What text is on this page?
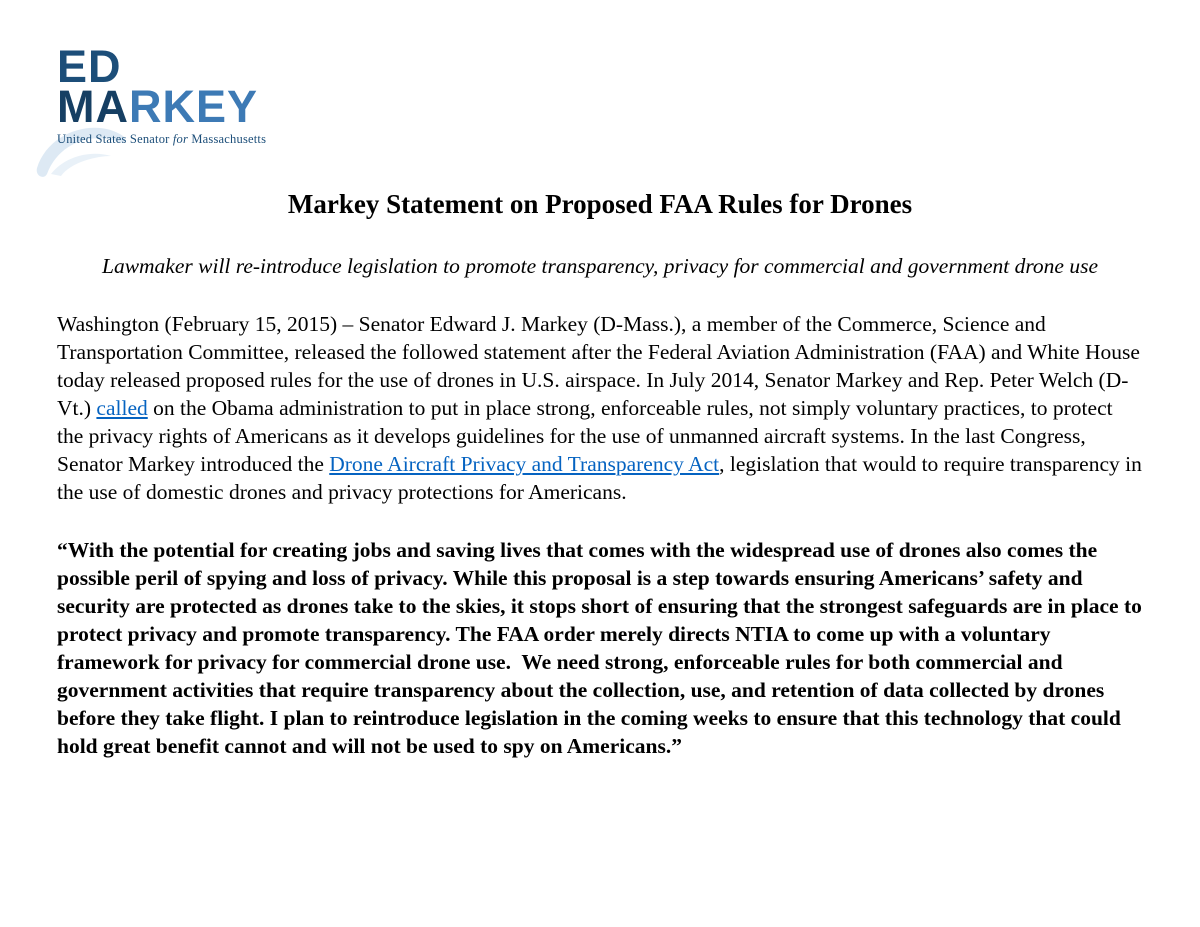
ED
MARKEY
United States Senator for Massachusetts
Markey Statement on Proposed FAA Rules for Drones

Lawmaker will re-introduce legislation to promote transparency, privacy for commercial and government drone use

Washington (February 15, 2015) – Senator Edward J. Markey (D-Mass.), a member of the Commerce, Science and Transportation Committee, released the followed statement after the Federal Aviation Administration (FAA) and White House today released proposed rules for the use of drones in U.S. airspace. In July 2014, Senator Markey and Rep. Peter Welch (D-Vt.) called on the Obama administration to put in place strong, enforceable rules, not simply voluntary practices, to protect the privacy rights of Americans as it develops guidelines for the use of unmanned aircraft systems. In the last Congress, Senator Markey introduced the Drone Aircraft Privacy and Transparency Act, legislation that would to require transparency in the use of domestic drones and privacy protections for Americans.

“With the potential for creating jobs and saving lives that comes with the widespread use of drones also comes the possible peril of spying and loss of privacy. While this proposal is a step towards ensuring Americans’ safety and security are protected as drones take to the skies, it stops short of ensuring that the strongest safeguards are in place to protect privacy and promote transparency. The FAA order merely directs NTIA to come up with a voluntary framework for privacy for commercial drone use.  We need strong, enforceable rules for both commercial and government activities that require transparency about the collection, use, and retention of data collected by drones before they take flight. I plan to reintroduce legislation in the coming weeks to ensure that this technology that could hold great benefit cannot and will not be used to spy on Americans.”
